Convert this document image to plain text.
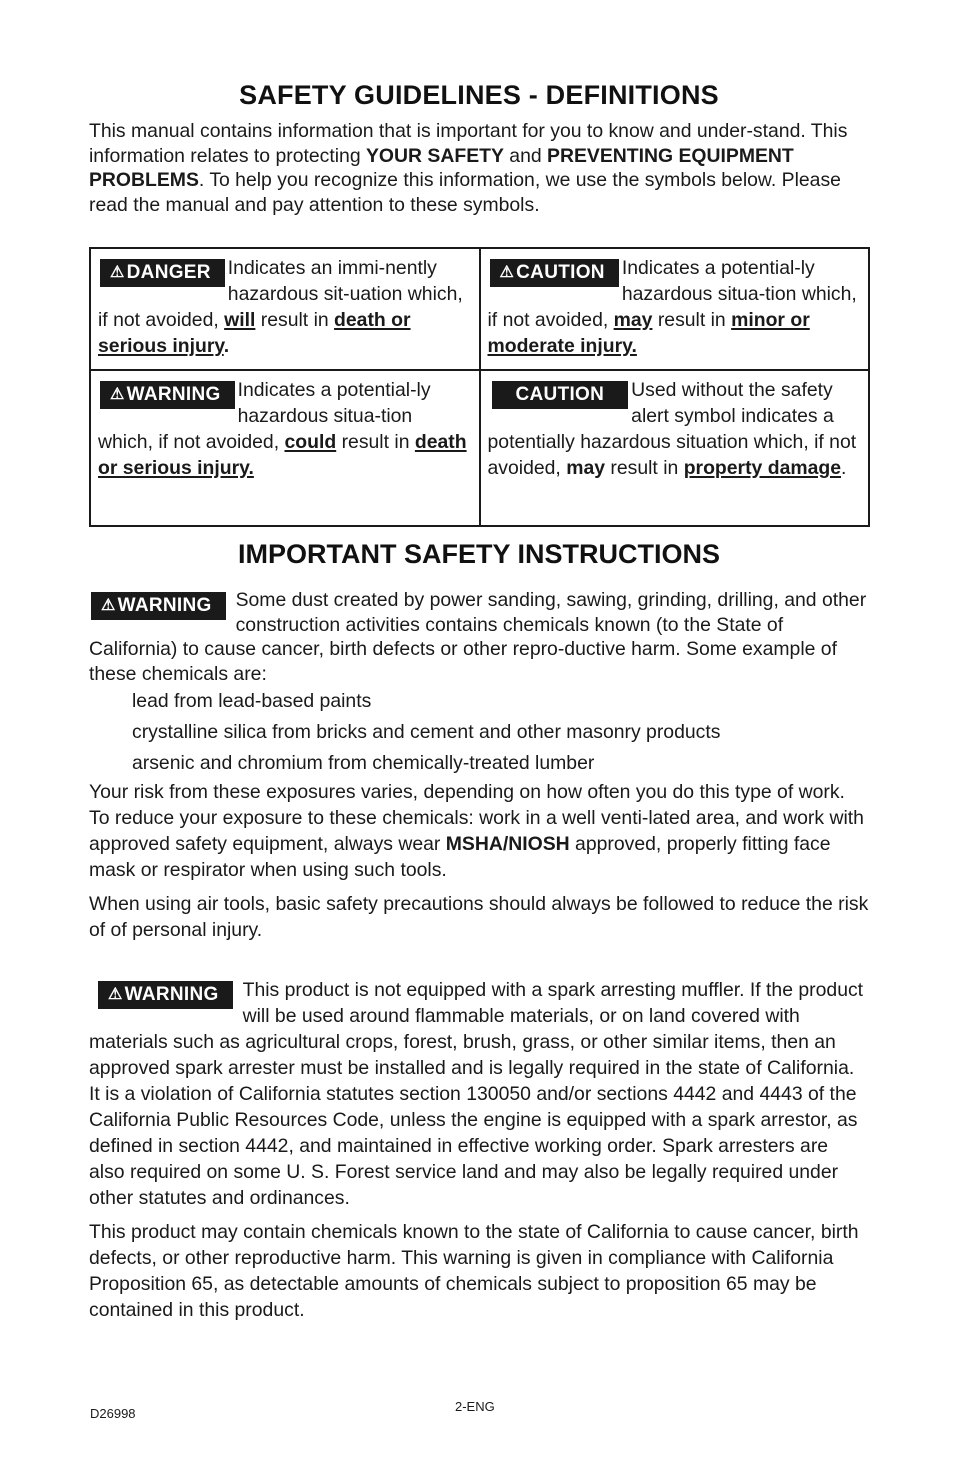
SAFETY GUIDELINES - DEFINITIONS

This manual contains information that is important for you to know and under-stand. This information relates to protecting YOUR SAFETY and PREVENTING EQUIPMENT PROBLEMS. To help you recognize this information, we use the symbols below. Please read the manual and pay attention to these symbols.

⚠ DANGER Indicates an immi-nently hazardous sit-uation which, if not avoided, will result in death or serious injury.	⚠ CAUTION Indicates a potential-ly hazardous situa-tion which, if not avoided, may result in minor or moderate injury.

⚠ WARNING Indicates a potential-ly hazardous situa-tion which, if not avoided, could result in death or serious injury.	CAUTION Used without the safety alert symbol indicates a potentially hazardous situation which, if not avoided, may result in property damage.
IMPORTANT SAFETY INSTRUCTIONS

⚠ WARNING	Some dust created by power sanding, sawing, grinding, drilling, and other construction activities contains chemicals known (to the State of California) to cause cancer, birth defects or other repro-ductive harm. Some example of these chemicals are:

lead from lead-based paints
crystalline silica from bricks and cement and other masonry products
arsenic and chromium from chemically-treated lumber

Your risk from these exposures varies, depending on how often you do this type of work. To reduce your exposure to these chemicals: work in a well venti-lated area, and work with approved safety equipment, always wear MSHA/NIOSH approved, properly fitting face mask or respirator when using such tools.

When using air tools, basic safety precautions should always be followed to reduce the risk of of personal injury.

⚠ WARNING	This product is not equipped with a spark arresting muffler. If the product will be used around flammable materials, or on land covered with materials such as agricultural crops, forest, brush, grass, or other similar items, then an approved spark arrester must be installed and is legally required in the state of California. It is a violation of California statutes section 130050 and/or sections 4442 and 4443 of the California Public Resources Code, unless the engine is equipped with a spark arrestor, as defined in section 4442, and maintained in effective working order. Spark arresters are also required on some U. S. Forest service land and may also be legally required under other statutes and ordinances.

This product may contain chemicals known to the state of California to cause cancer, birth defects, or other reproductive harm. This warning is given in compliance with California Proposition 65, as detectable amounts of chemicals subject to proposition 65 may be contained in this product.

D26998	2-ENG
